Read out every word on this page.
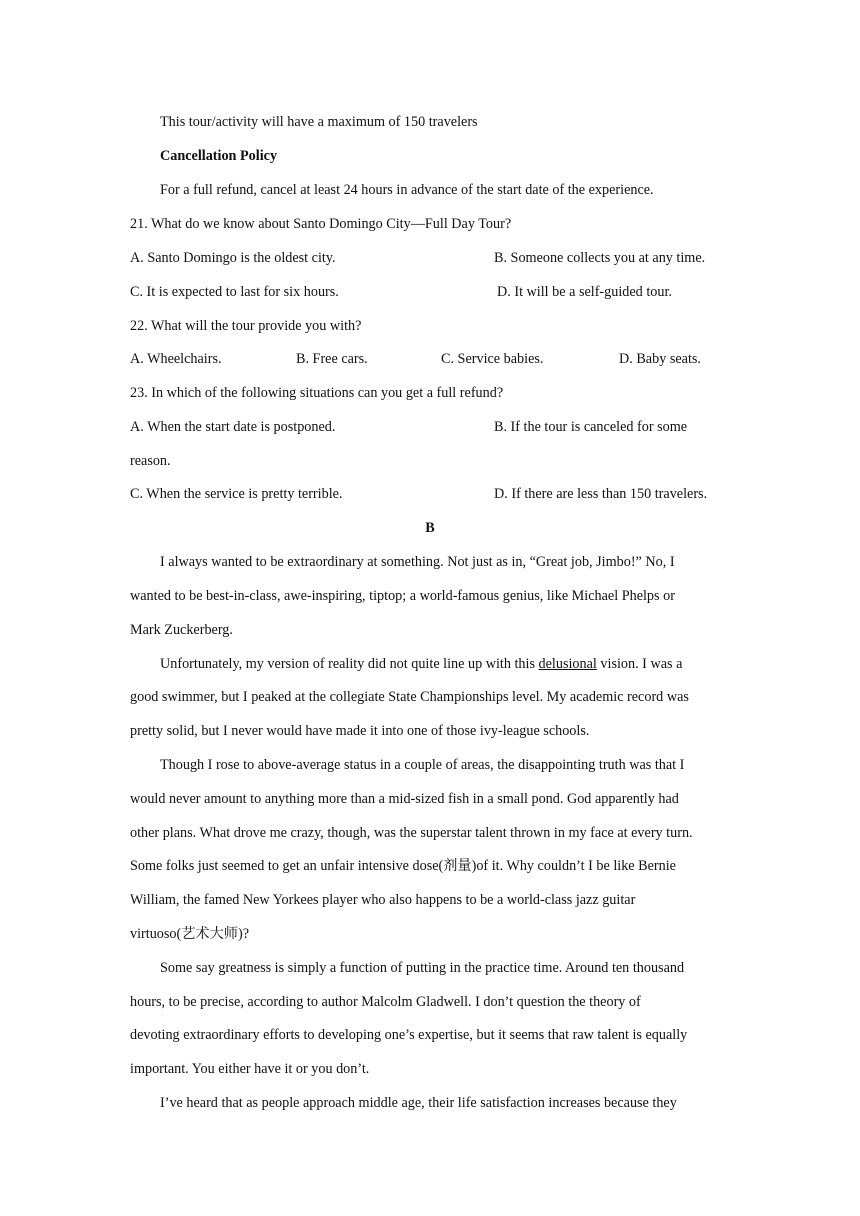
This tour/activity will have a maximum of 150 travelers

Cancellation Policy

For a full refund, cancel at least 24 hours in advance of the start date of the experience.

21. What do we know about Santo Domingo City—Full Day Tour?

A. Santo Domingo is the oldest city.	B. Someone collects you at any time.

C. It is expected to last for six hours.	D. It will be a self-guided tour.

22. What will the tour provide you with?

A. Wheelchairs.	B. Free cars.	C. Service babies.	D. Baby seats.

23. In which of the following situations can you get a full refund?

A. When the start date is postponed.	B. If the tour is canceled for some

reason.

C. When the service is pretty terrible.	D. If there are less than 150 travelers.

B

I always wanted to be extraordinary at something. Not just as in, “Great job, Jimbo!” No, I

wanted to be best-in-class, awe-inspiring, tiptop; a world-famous genius, like Michael Phelps or

Mark Zuckerberg.

Unfortunately, my version of reality did not quite line up with this delusional vision. I was a

good swimmer, but I peaked at the collegiate State Championships level. My academic record was

pretty solid, but I never would have made it into one of those ivy-league schools.

Though I rose to above-average status in a couple of areas, the disappointing truth was that I

would never amount to anything more than a mid-sized fish in a small pond. God apparently had

other plans. What drove me crazy, though, was the superstar talent thrown in my face at every turn.

Some folks just seemed to get an unfair intensive dose(剂量)of it. Why couldn’t I be like Bernie

William, the famed New Yorkees player who also happens to be a world-class jazz guitar

virtuoso(艺术大师)?

Some say greatness is simply a function of putting in the practice time. Around ten thousand

hours, to be precise, according to author Malcolm Gladwell. I don’t question the theory of

devoting extraordinary efforts to developing one’s expertise, but it seems that raw talent is equally

important. You either have it or you don’t.

I’ve heard that as people approach middle age, their life satisfaction increases because they
